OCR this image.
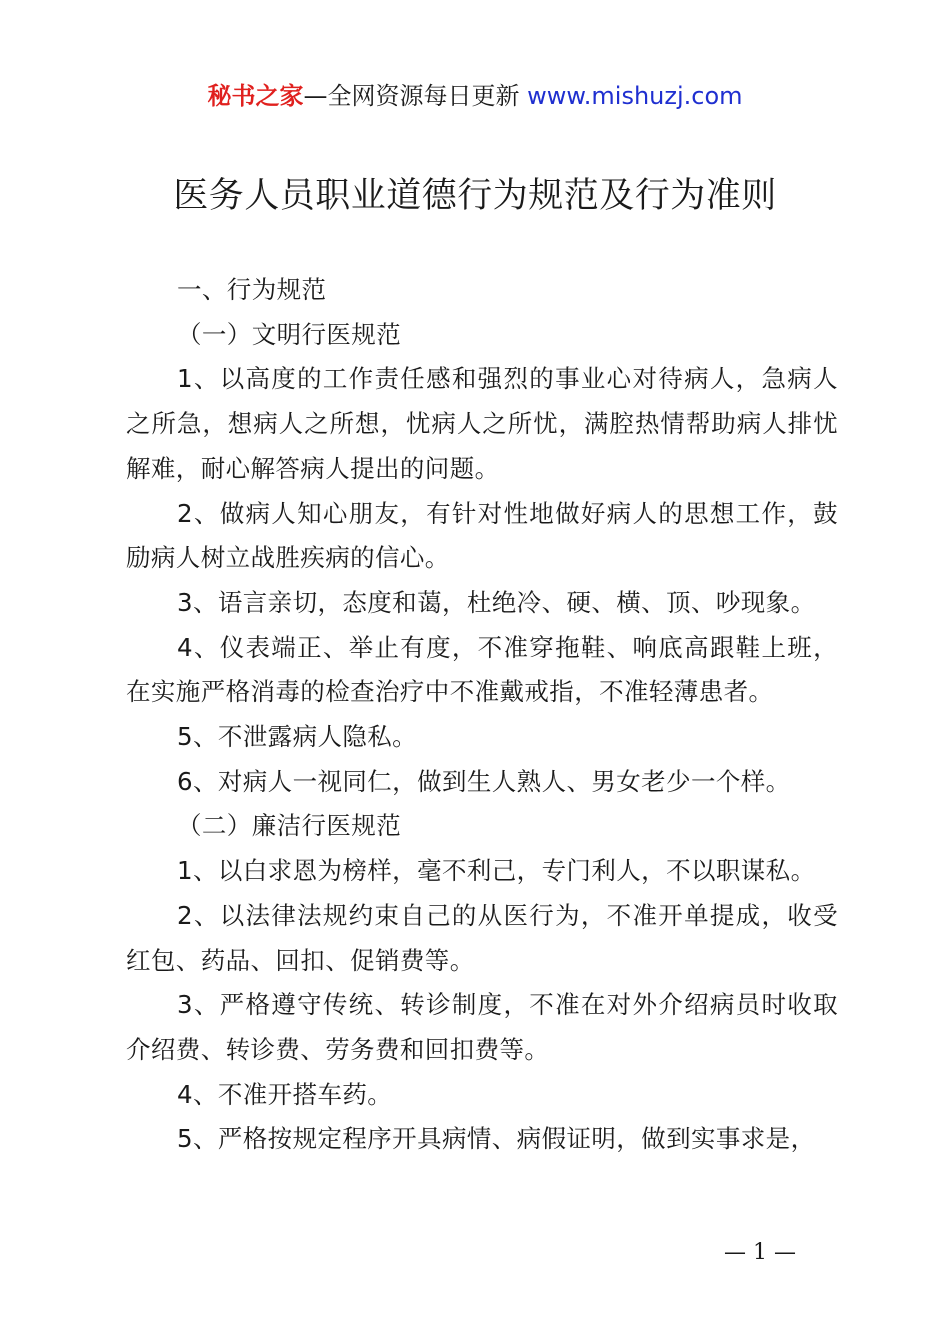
秘书之家—全网资源每日更新 www.mishuzj.com
医务人员职业道德行为规范及行为准则

一、行为规范

（一）文明行医规范

1、以高度的工作责任感和强烈的事业心对待病人，急病人之所急，想病人之所想，忧病人之所忧，满腔热情帮助病人排忧解难，耐心解答病人提出的问题。

2、做病人知心朋友，有针对性地做好病人的思想工作，鼓励病人树立战胜疾病的信心。

3、语言亲切，态度和蔼，杜绝冷、硬、横、顶、吵现象。

4、仪表端正、举止有度，不准穿拖鞋、响底高跟鞋上班，在实施严格消毒的检查治疗中不准戴戒指，不准轻薄患者。

5、不泄露病人隐私。

6、对病人一视同仁，做到生人熟人、男女老少一个样。

（二）廉洁行医规范

1、以白求恩为榜样，毫不利己，专门利人，不以职谋私。

2、以法律法规约束自己的从医行为，不准开单提成，收受红包、药品、回扣、促销费等。

3、严格遵守传统、转诊制度，不准在对外介绍病员时收取介绍费、转诊费、劳务费和回扣费等。

4、不准开搭车药。

5、严格按规定程序开具病情、病假证明，做到实事求是，

— 1 —
